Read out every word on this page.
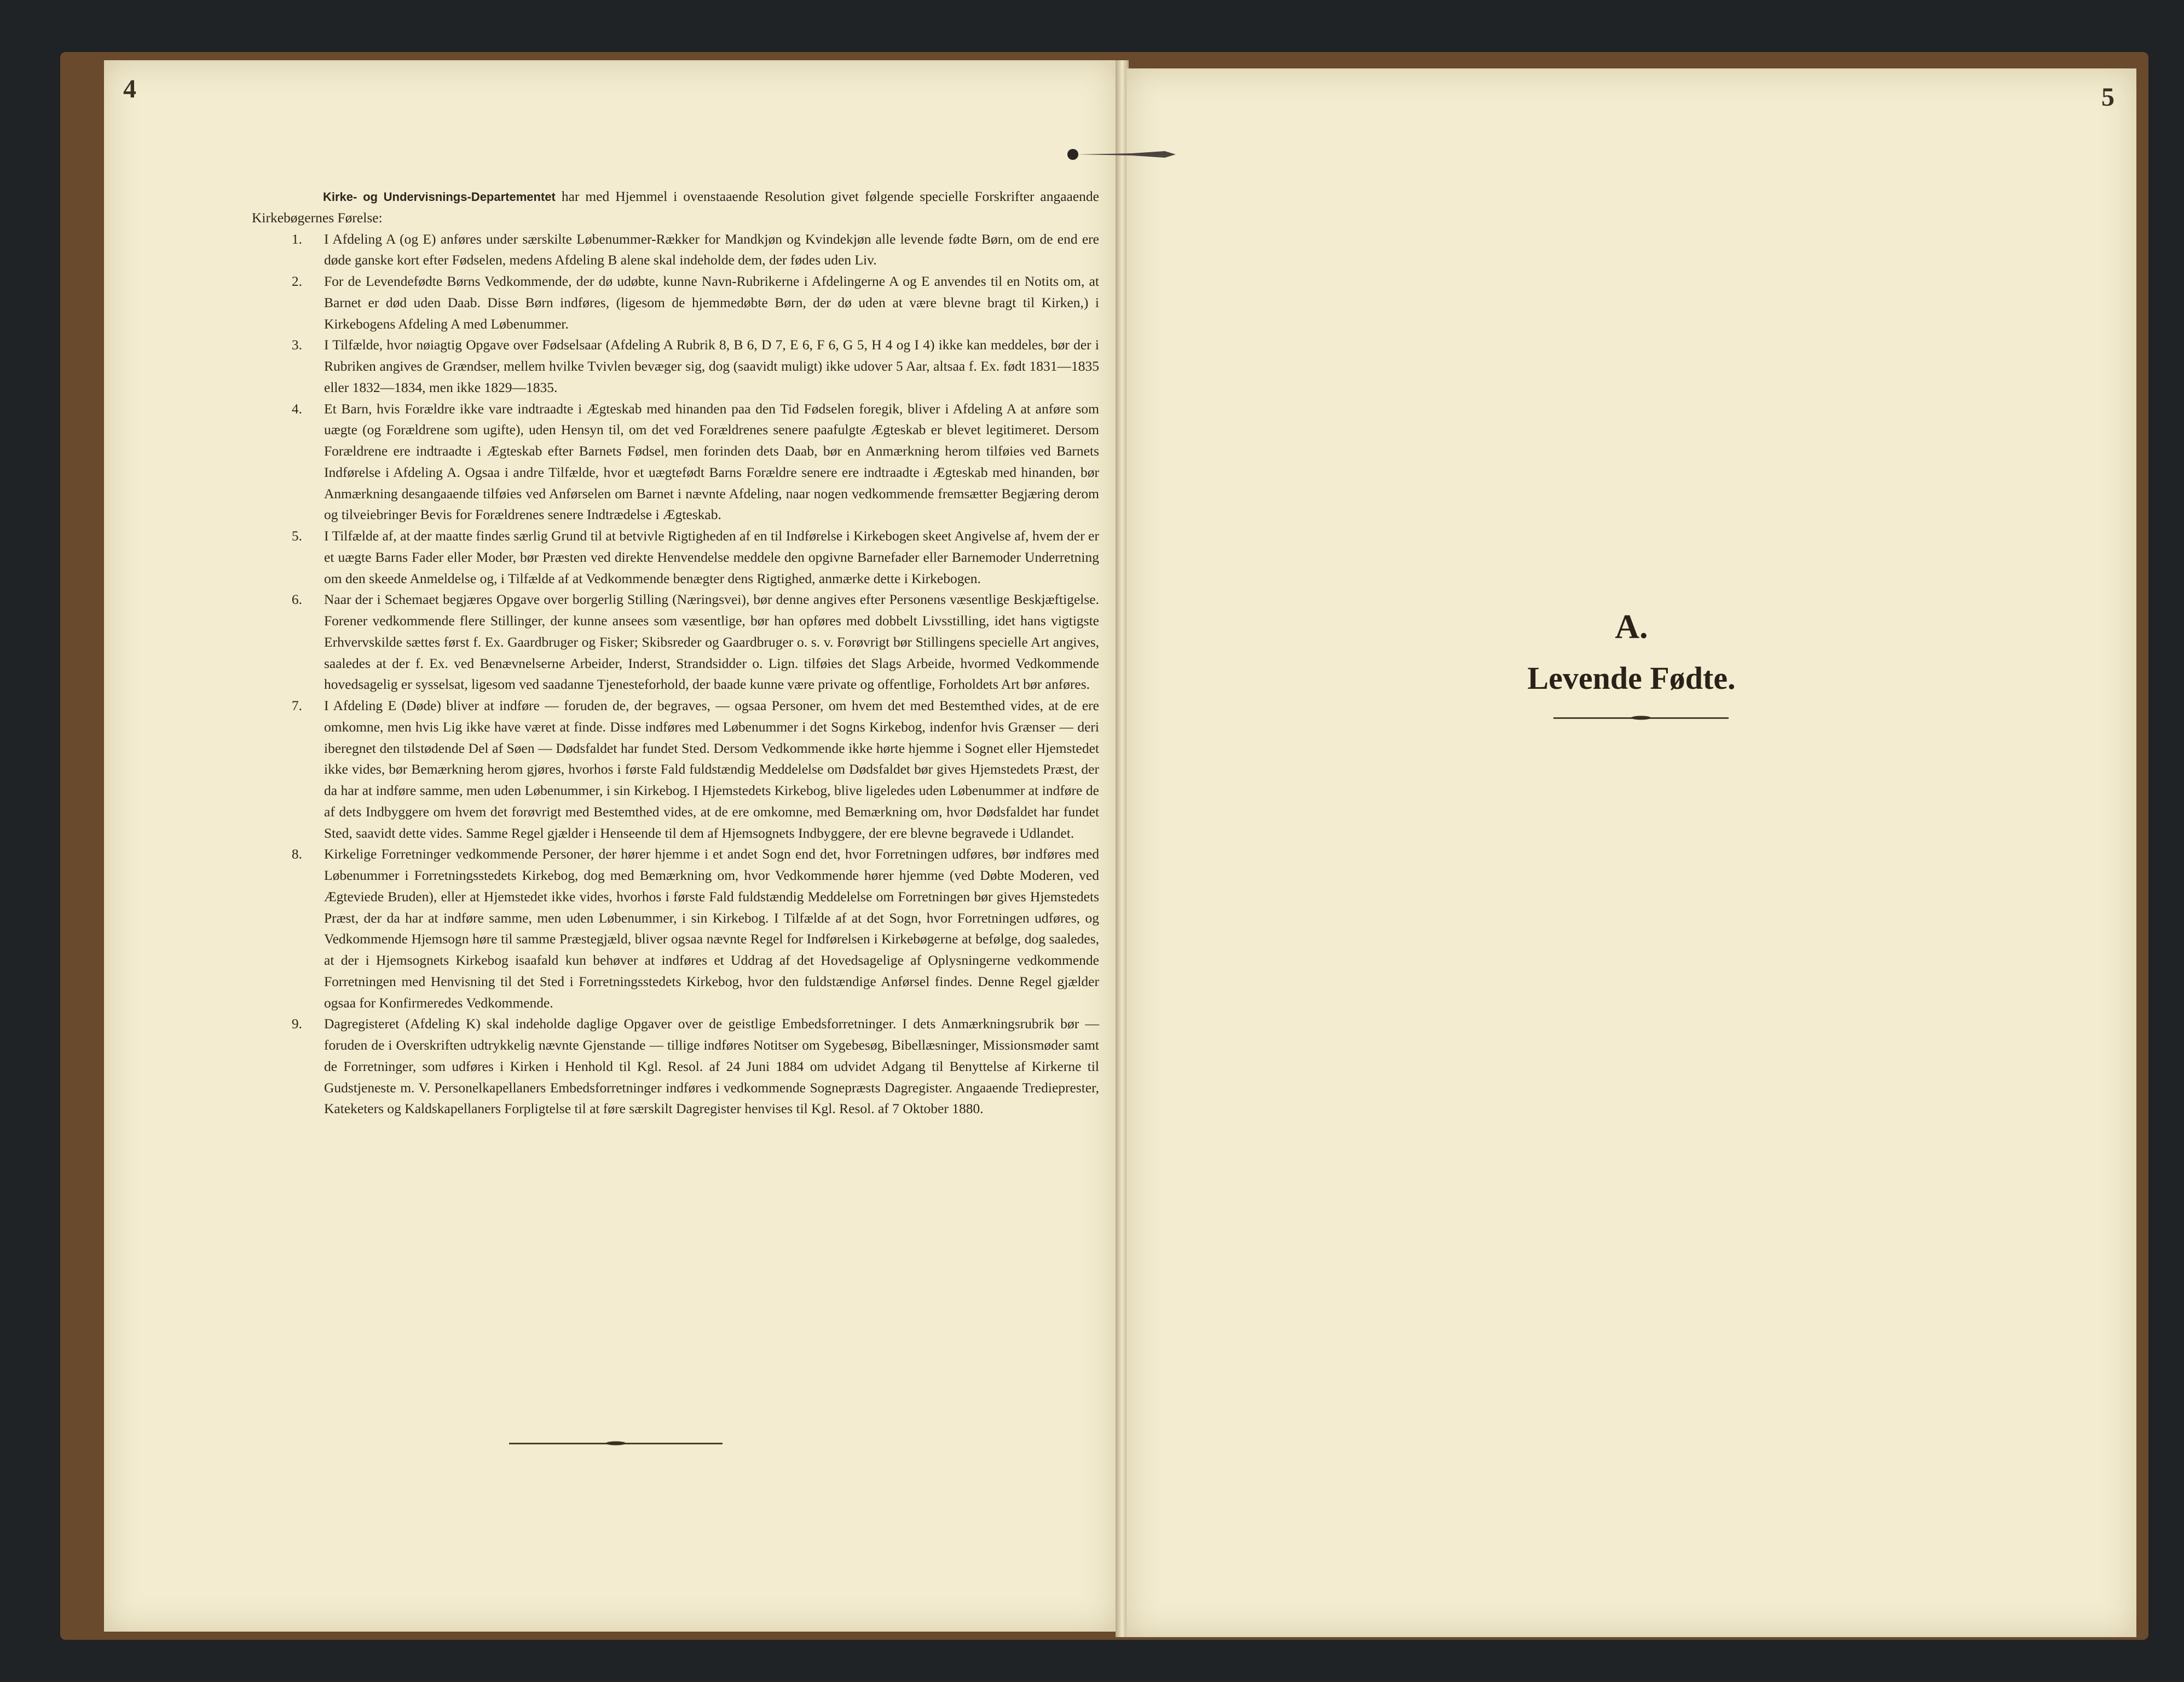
4

Kirke- og Undervisnings-Departementet har med Hjemmel i ovenstaaende Resolution givet følgende specielle Forskrifter angaaende Kirkebøgernes Førelse:

1.	I Afdeling A (og E) anføres under særskilte Løbenummer-Rækker for Mandkjøn og Kvindekjøn alle levende fødte Børn, om de end ere døde ganske kort efter Fødselen, medens Afdeling B alene skal indeholde dem, der fødes uden Liv.
2.	For de Levendefødte Børns Vedkommende, der dø udøbte, kunne Navn-Rubrikerne i Afdelingerne A og E anvendes til en Notits om, at Barnet er død uden Daab. Disse Børn indføres, (ligesom de hjemmedøbte Børn, der dø uden at være blevne bragt til Kirken,) i Kirkebogens Afdeling A med Løbenummer.
3.	I Tilfælde, hvor nøiagtig Opgave over Fødselsaar (Afdeling A Rubrik 8, B 6, D 7, E 6, F 6, G 5, H 4 og I 4) ikke kan meddeles, bør der i Rubriken angives de Grændser, mellem hvilke Tvivlen bevæger sig, dog (saavidt muligt) ikke udover 5 Aar, altsaa f. Ex. født 1831—1835 eller 1832—1834, men ikke 1829—1835.
4.	Et Barn, hvis Forældre ikke vare indtraadte i Ægteskab med hinanden paa den Tid Fødselen foregik, bliver i Afdeling A at anføre som uægte (og Forældrene som ugifte), uden Hensyn til, om det ved Forældrenes senere paafulgte Ægteskab er blevet legitimeret. Dersom Forældrene ere indtraadte i Ægteskab efter Barnets Fødsel, men forinden dets Daab, bør en Anmærkning herom tilføies ved Barnets Indførelse i Afdeling A. Ogsaa i andre Tilfælde, hvor et uægtefødt Barns Forældre senere ere indtraadte i Ægteskab med hinanden, bør Anmærkning desangaaende tilføies ved Anførselen om Barnet i nævnte Afdeling, naar nogen vedkommende fremsætter Begjæring derom og tilveiebringer Bevis for Forældrenes senere Indtrædelse i Ægteskab.
5.	I Tilfælde af, at der maatte findes særlig Grund til at betvivle Rigtigheden af en til Indførelse i Kirkebogen skeet Angivelse af, hvem der er et uægte Barns Fader eller Moder, bør Præsten ved direkte Henvendelse meddele den opgivne Barnefader eller Barnemoder Underretning om den skeede Anmeldelse og, i Tilfælde af at Vedkommende benægter dens Rigtighed, anmærke dette i Kirkebogen.
6.	Naar der i Schemaet begjæres Opgave over borgerlig Stilling (Næringsvei), bør denne angives efter Personens væsentlige Beskjæftigelse. Forener vedkommende flere Stillinger, der kunne ansees som væsentlige, bør han opføres med dobbelt Livsstilling, idet hans vigtigste Erhvervskilde sættes først f. Ex. Gaardbruger og Fisker; Skibsreder og Gaardbruger o. s. v. Forøvrigt bør Stillingens specielle Art angives, saaledes at der f. Ex. ved Benævnelserne Arbeider, Inderst, Strandsidder o. Lign. tilføies det Slags Arbeide, hvormed Vedkommende hovedsagelig er sysselsat, ligesom ved saadanne Tjenesteforhold, der baade kunne være private og offentlige, Forholdets Art bør anføres.
7.	I Afdeling E (Døde) bliver at indføre — foruden de, der begraves, — ogsaa Personer, om hvem det med Bestemthed vides, at de ere omkomne, men hvis Lig ikke have været at finde. Disse indføres med Løbenummer i det Sogns Kirkebog, indenfor hvis Grænser — deri iberegnet den tilstødende Del af Søen — Dødsfaldet har fundet Sted. Dersom Vedkommende ikke hørte hjemme i Sognet eller Hjemstedet ikke vides, bør Bemærkning herom gjøres, hvorhos i første Fald fuldstændig Meddelelse om Dødsfaldet bør gives Hjemstedets Præst, der da har at indføre samme, men uden Løbenummer, i sin Kirkebog. I Hjemstedets Kirkebog, blive ligeledes uden Løbenummer at indføre de af dets Indbyggere om hvem det forøvrigt med Bestemthed vides, at de ere omkomne, med Bemærkning om, hvor Dødsfaldet har fundet Sted, saavidt dette vides. Samme Regel gjælder i Henseende til dem af Hjemsognets Indbyggere, der ere blevne begravede i Udlandet.
8.	Kirkelige Forretninger vedkommende Personer, der hører hjemme i et andet Sogn end det, hvor Forretningen udføres, bør indføres med Løbenummer i Forretningsstedets Kirkebog, dog med Bemærkning om, hvor Vedkommende hører hjemme (ved Døbte Moderen, ved Ægteviede Bruden), eller at Hjemstedet ikke vides, hvorhos i første Fald fuldstændig Meddelelse om Forretningen bør gives Hjemstedets Præst, der da har at indføre samme, men uden Løbenummer, i sin Kirkebog. I Tilfælde af at det Sogn, hvor Forretningen udføres, og Vedkommende Hjemsogn høre til samme Præstegjæld, bliver ogsaa nævnte Regel for Indførelsen i Kirkebøgerne at befølge, dog saaledes, at der i Hjemsognets Kirkebog isaafald kun behøver at indføres et Uddrag af det Hovedsagelige af Oplysningerne vedkommende Forretningen med Henvisning til det Sted i Forretningsstedets Kirkebog, hvor den fuldstændige Anførsel findes. Denne Regel gjælder ogsaa for Konfirmeredes Vedkommende.
9.	Dagregisteret (Afdeling K) skal indeholde daglige Opgaver over de geistlige Embedsforretninger. I dets Anmærkningsrubrik bør — foruden de i Overskriften udtrykkelig nævnte Gjenstande — tillige indføres Notitser om Sygebesøg, Bibellæsninger, Missionsmøder samt de Forretninger, som udføres i Kirken i Henhold til Kgl. Resol. af 24 Juni 1884 om udvidet Adgang til Benyttelse af Kirkerne til Gudstjeneste m. V. Personelkapellaners Embedsforretninger indføres i vedkommende Sognepræsts Dagregister. Angaaende Tredieprester, Kateketers og Kaldskapellaners Forpligtelse til at føre særskilt Dagregister henvises til Kgl. Resol. af 7 Oktober 1880.
5
A.
Levende Fødte.
